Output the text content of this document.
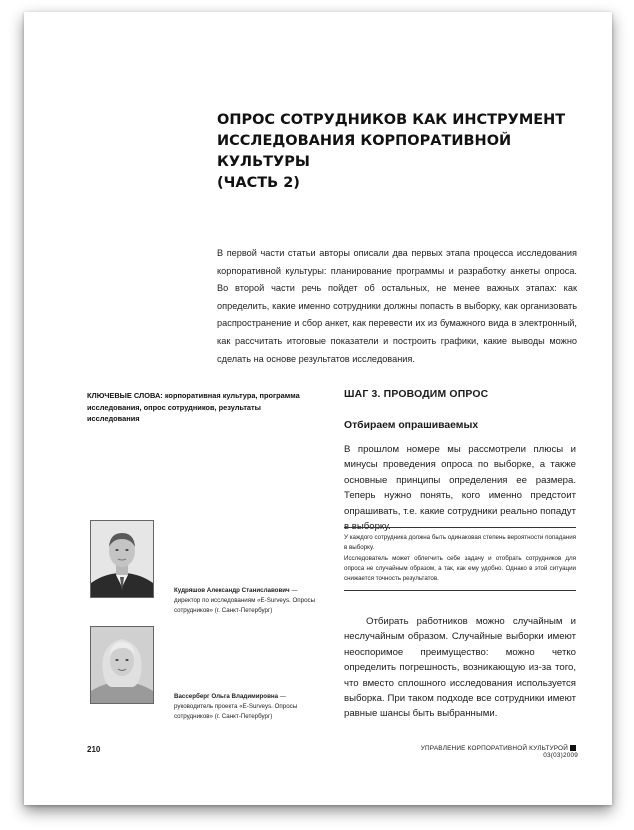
ОПРОС СОТРУДНИКОВ КАК ИНСТРУМЕНТ
ИССЛЕДОВАНИЯ КОРПОРАТИВНОЙ КУЛЬТУРЫ
(ЧАСТЬ 2)

В первой части статьи авторы описали два первых этапа процесса исследования корпоративной культуры: планирование программы и разработку анкеты опроса. Во второй части речь пойдет об остальных, не менее важных этапах: как определить, какие именно сотрудники должны попасть в выборку, как организовать распространение и сбор анкет, как перевести их из бумажного вида в электронный, как рассчитать итоговые показатели и построить графики, какие выводы можно сделать на основе результатов исследования.

КЛЮЧЕВЫЕ СЛОВА: корпоративная культура, программа исследования, опрос сотрудников, результаты исследования

ШАГ 3. ПРОВОДИМ ОПРОС
Отбираем опрашиваемых

В прошлом номере мы рассмотрели плюсы и минусы проведения опроса по выборке, а также основные принципы определения ее размера. Теперь нужно понять, кого именно предстоит опрашивать, т.е. какие сотрудники реально попадут в выборку.

У каждого сотрудника должна быть одинаковая степень вероятности попадания в выборку.

Исследователь может облегчить себе задачу и отобрать сотрудников для опроса не случайным образом, а так, как ему удобно. Однако в этой ситуации снижается точность результатов.

Отбирать работников можно случайным и неслучайным образом. Случайные выборки имеют неоспоримое преимущество: можно четко определить погрешность, возникающую из-за того, что вместо сплошного исследования используется выборка. При таком подходе все сотрудники имеют равные шансы быть выбранными.

Кудряшов Александр Станиславович — директор по исследованиям «E-Surveys. Опросы сотрудников» (г. Санкт-Петербург)

Вассерберг Ольга Владимировна — руководитель проекта «E-Surveys. Опросы сотрудников» (г. Санкт-Петербург)

210	УПРАВЛЕНИЕ КОРПОРАТИВНОЙ КУЛЬТУРОЙ03(03)2009
